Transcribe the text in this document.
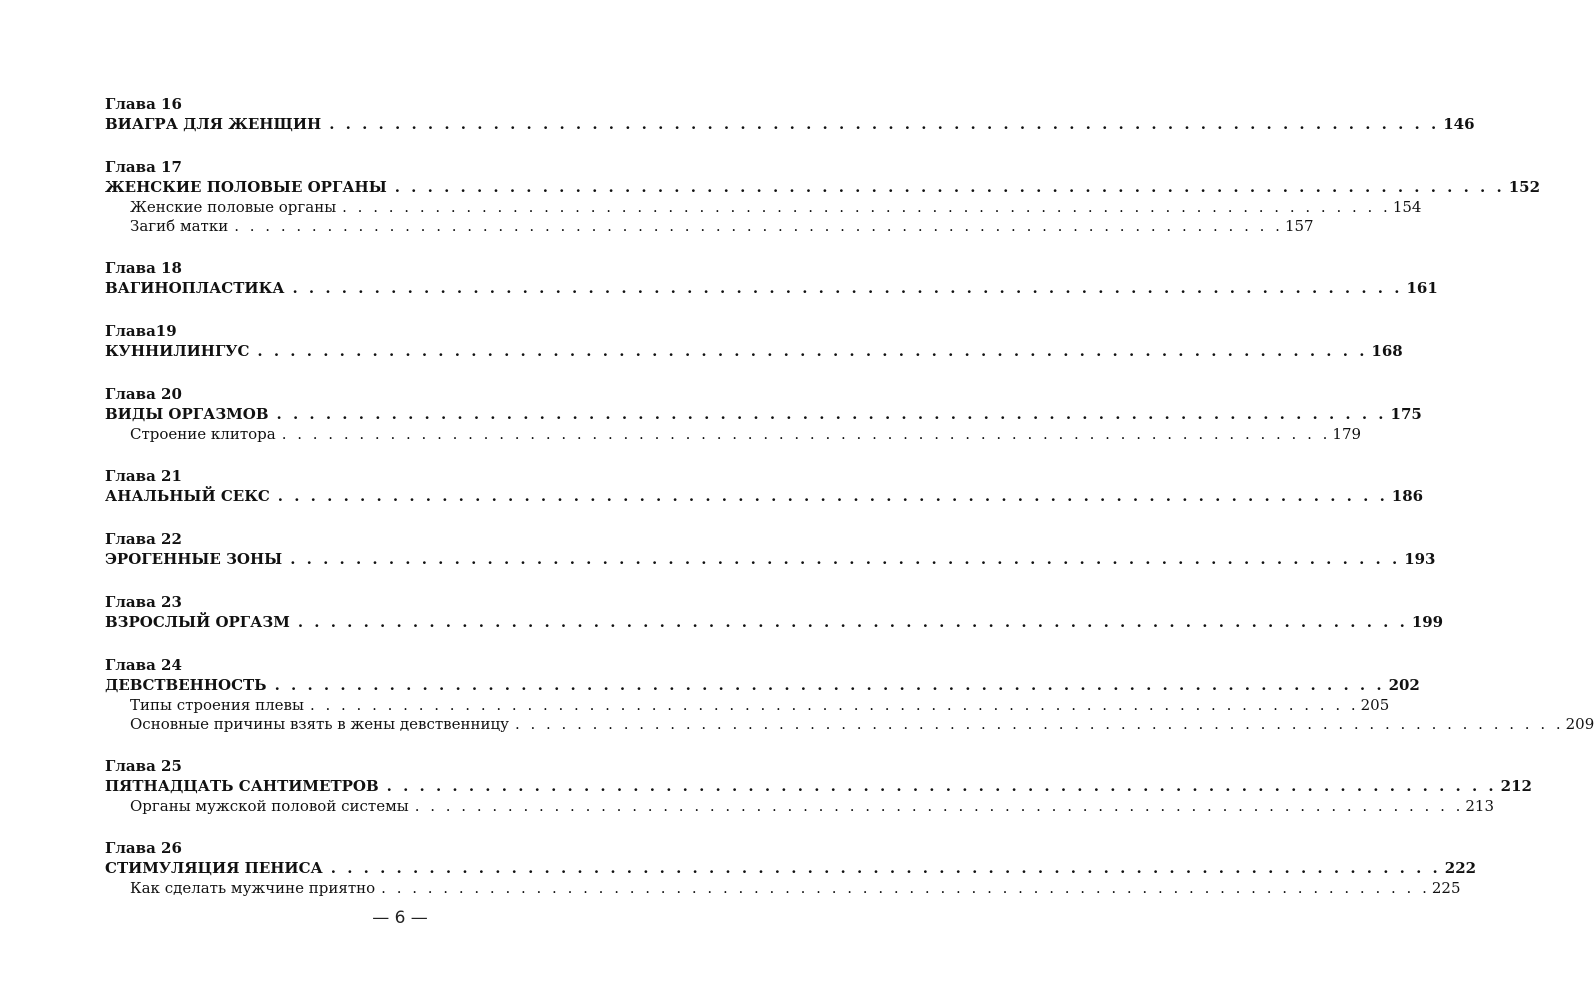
Глава 16
ВИАГРА ДЛЯ ЖЕНЩИН . . . . . . . . . . . . . . . . . . . . . . . . . . . . . . . . . . . . . . . . . . . . . . . . . . . . . . . . . . . . . . . . . . . . 146
Глава 17
ЖЕНСКИЕ ПОЛОВЫЕ ОРГАНЫ . . . . . . . . . . . . . . . . . . . . . . . . . . . . . . . . . . . . . . . . . . . . . . . . . . . . . . . . . . . . . . . . . . . . 152
Женские половые органы . . . . . . . . . . . . . . . . . . . . . . . . . . . . . . . . . . . . . . . . . . . . . . . . . . . . . . . . . . . . . . . . . . . . 154
Загиб матки . . . . . . . . . . . . . . . . . . . . . . . . . . . . . . . . . . . . . . . . . . . . . . . . . . . . . . . . . . . . . . . . . . . . 157
Глава 18
ВАГИНОПЛАСТИКА . . . . . . . . . . . . . . . . . . . . . . . . . . . . . . . . . . . . . . . . . . . . . . . . . . . . . . . . . . . . . . . . . . . . 161
Глава19
КУННИЛИНГУС . . . . . . . . . . . . . . . . . . . . . . . . . . . . . . . . . . . . . . . . . . . . . . . . . . . . . . . . . . . . . . . . . . . . 168
Глава 20
ВИДЫ ОРГАЗМОВ . . . . . . . . . . . . . . . . . . . . . . . . . . . . . . . . . . . . . . . . . . . . . . . . . . . . . . . . . . . . . . . . . . . . 175
Строение клитора . . . . . . . . . . . . . . . . . . . . . . . . . . . . . . . . . . . . . . . . . . . . . . . . . . . . . . . . . . . . . . . . . . . . 179
Глава 21
АНАЛЬНЫЙ СЕКС . . . . . . . . . . . . . . . . . . . . . . . . . . . . . . . . . . . . . . . . . . . . . . . . . . . . . . . . . . . . . . . . . . . . 186
Глава 22
ЭРОГЕННЫЕ ЗОНЫ . . . . . . . . . . . . . . . . . . . . . . . . . . . . . . . . . . . . . . . . . . . . . . . . . . . . . . . . . . . . . . . . . . . . 193
Глава 23
ВЗРОСЛЫЙ ОРГАЗМ . . . . . . . . . . . . . . . . . . . . . . . . . . . . . . . . . . . . . . . . . . . . . . . . . . . . . . . . . . . . . . . . . . . . 199
Глава 24
ДЕВСТВЕННОСТЬ . . . . . . . . . . . . . . . . . . . . . . . . . . . . . . . . . . . . . . . . . . . . . . . . . . . . . . . . . . . . . . . . . . . . 202
Типы строения плевы . . . . . . . . . . . . . . . . . . . . . . . . . . . . . . . . . . . . . . . . . . . . . . . . . . . . . . . . . . . . . . . . . . . . 205
Основные причины взять в жены девственницу . . . . . . . . . . . . . . . . . . . . . . . . . . . . . . . . . . . . . . . . . . . . . . . . . . . . . . . . . . . . . . . . . . . . 209
Глава 25
ПЯТНАДЦАТЬ САНТИМЕТРОВ . . . . . . . . . . . . . . . . . . . . . . . . . . . . . . . . . . . . . . . . . . . . . . . . . . . . . . . . . . . . . . . . . . . . 212
Органы мужской половой системы . . . . . . . . . . . . . . . . . . . . . . . . . . . . . . . . . . . . . . . . . . . . . . . . . . . . . . . . . . . . . . . . . . . . 213
Глава 26
СТИМУЛЯЦИЯ ПЕНИСА . . . . . . . . . . . . . . . . . . . . . . . . . . . . . . . . . . . . . . . . . . . . . . . . . . . . . . . . . . . . . . . . . . . . 222
Как сделать мужчине приятно . . . . . . . . . . . . . . . . . . . . . . . . . . . . . . . . . . . . . . . . . . . . . . . . . . . . . . . . . . . . . . . . . . . . 225
— 6 —
